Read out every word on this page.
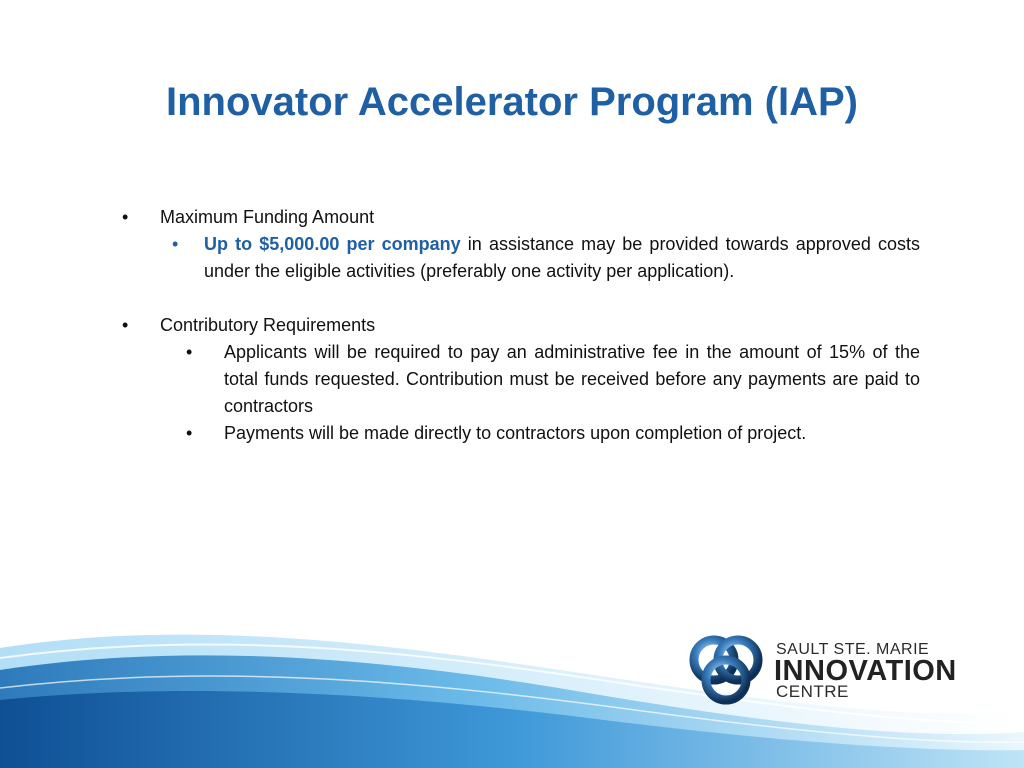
Innovator Accelerator Program (IAP)

• Maximum Funding Amount

• Up to $5,000.00 per company in assistance may be provided towards approved costs under the eligible activities (preferably one activity per application).

• Contributory Requirements

• Applicants will be required to pay an administrative fee in the amount of 15% of the total funds requested. Contribution must be received before any payments are paid to contractors

• Payments will be made directly to contractors upon completion of project.

SAULT STE. MARIE
INNOVATION
CENTRE
